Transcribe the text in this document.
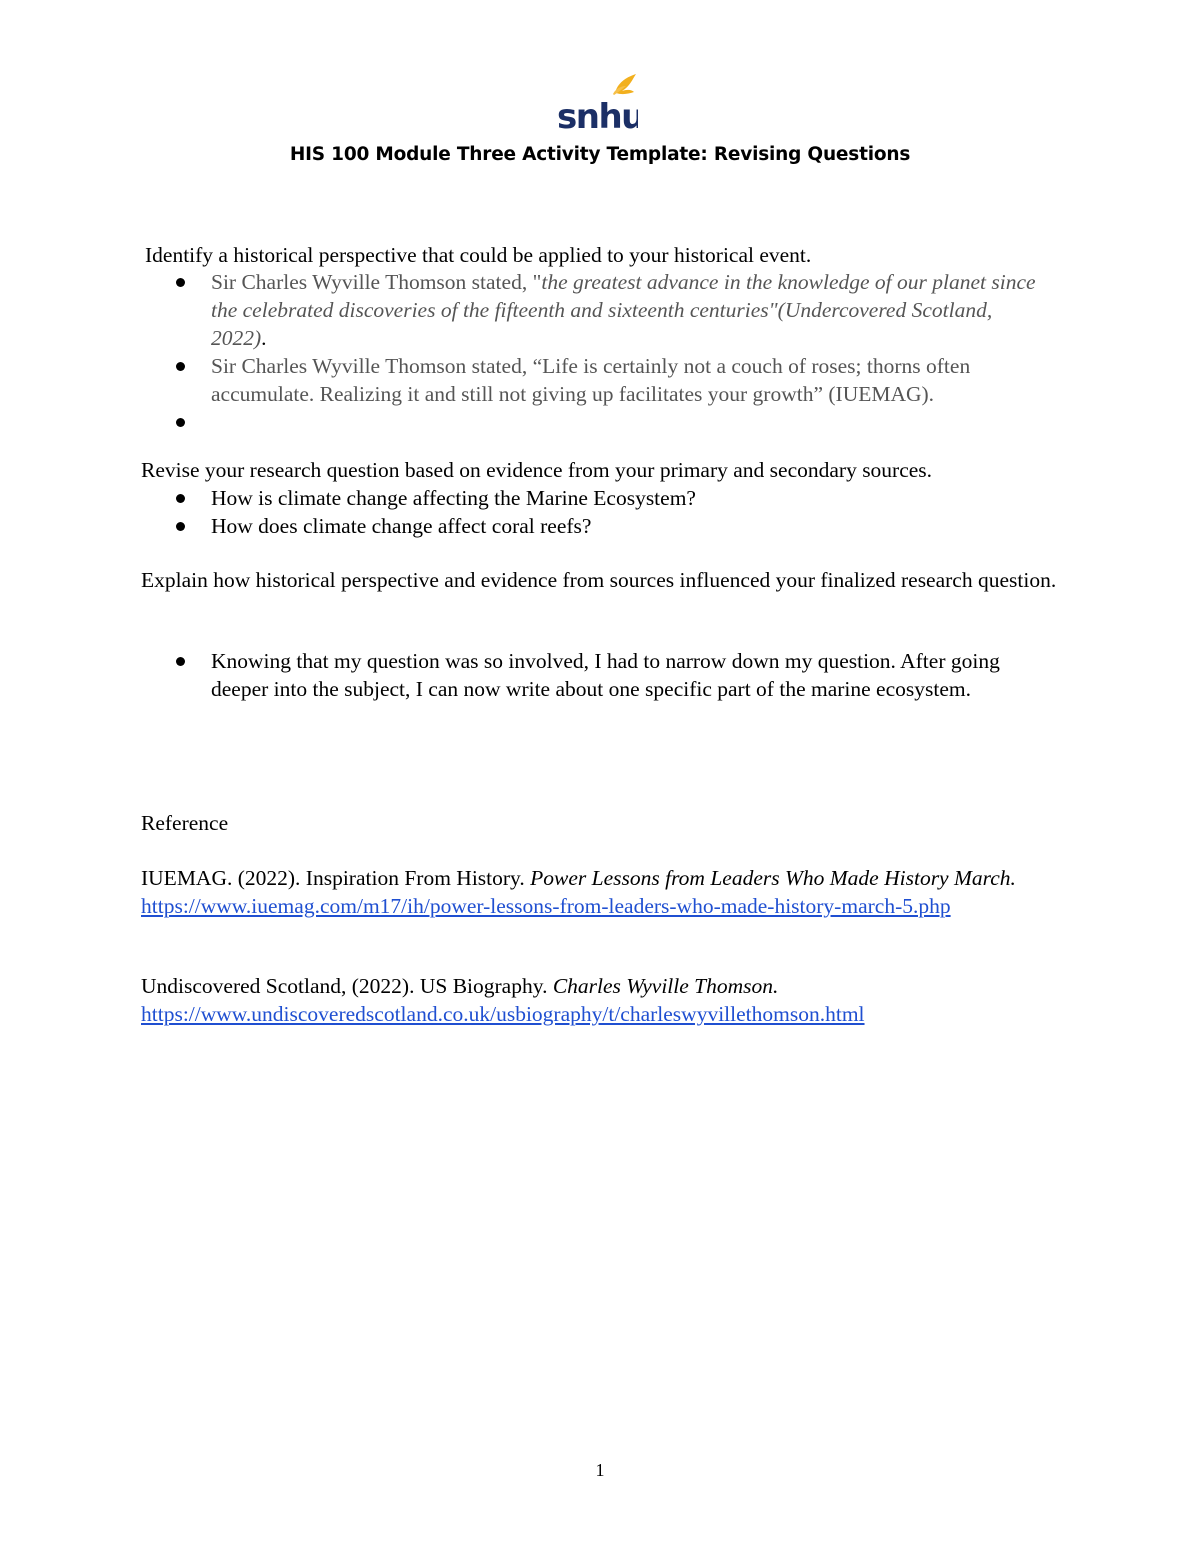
snhu
HIS 100 Module Three Activity Template: Revising Questions

Identify a historical perspective that could be applied to your historical event.

Sir Charles Wyville Thomson stated, "the greatest advance in the knowledge of our planet since the celebrated discoveries of the fifteenth and sixteenth centuries"(Undercovered Scotland, 2022).
Sir Charles Wyville Thomson stated, “Life is certainly not a couch of roses; thorns often accumulate. Realizing it and still not giving up facilitates your growth” (IUEMAG).

Revise your research question based on evidence from your primary and secondary sources.

How is climate change affecting the Marine Ecosystem?
How does climate change affect coral reefs?

Explain how historical perspective and evidence from sources influenced your finalized research question.

Knowing that my question was so involved, I had to narrow down my question. After going deeper into the subject, I can now write about one specific part of the marine ecosystem.

Reference

IUEMAG. (2022). Inspiration From History. Power Lessons from Leaders Who Made History March.
https://www.iuemag.com/m17/ih/power-lessons-from-leaders-who-made-history-march-5.php
Undiscovered Scotland, (2022). US Biography. Charles Wyville Thomson.
https://www.undiscoveredscotland.co.uk/usbiography/t/charleswyvillethomson.html
1
